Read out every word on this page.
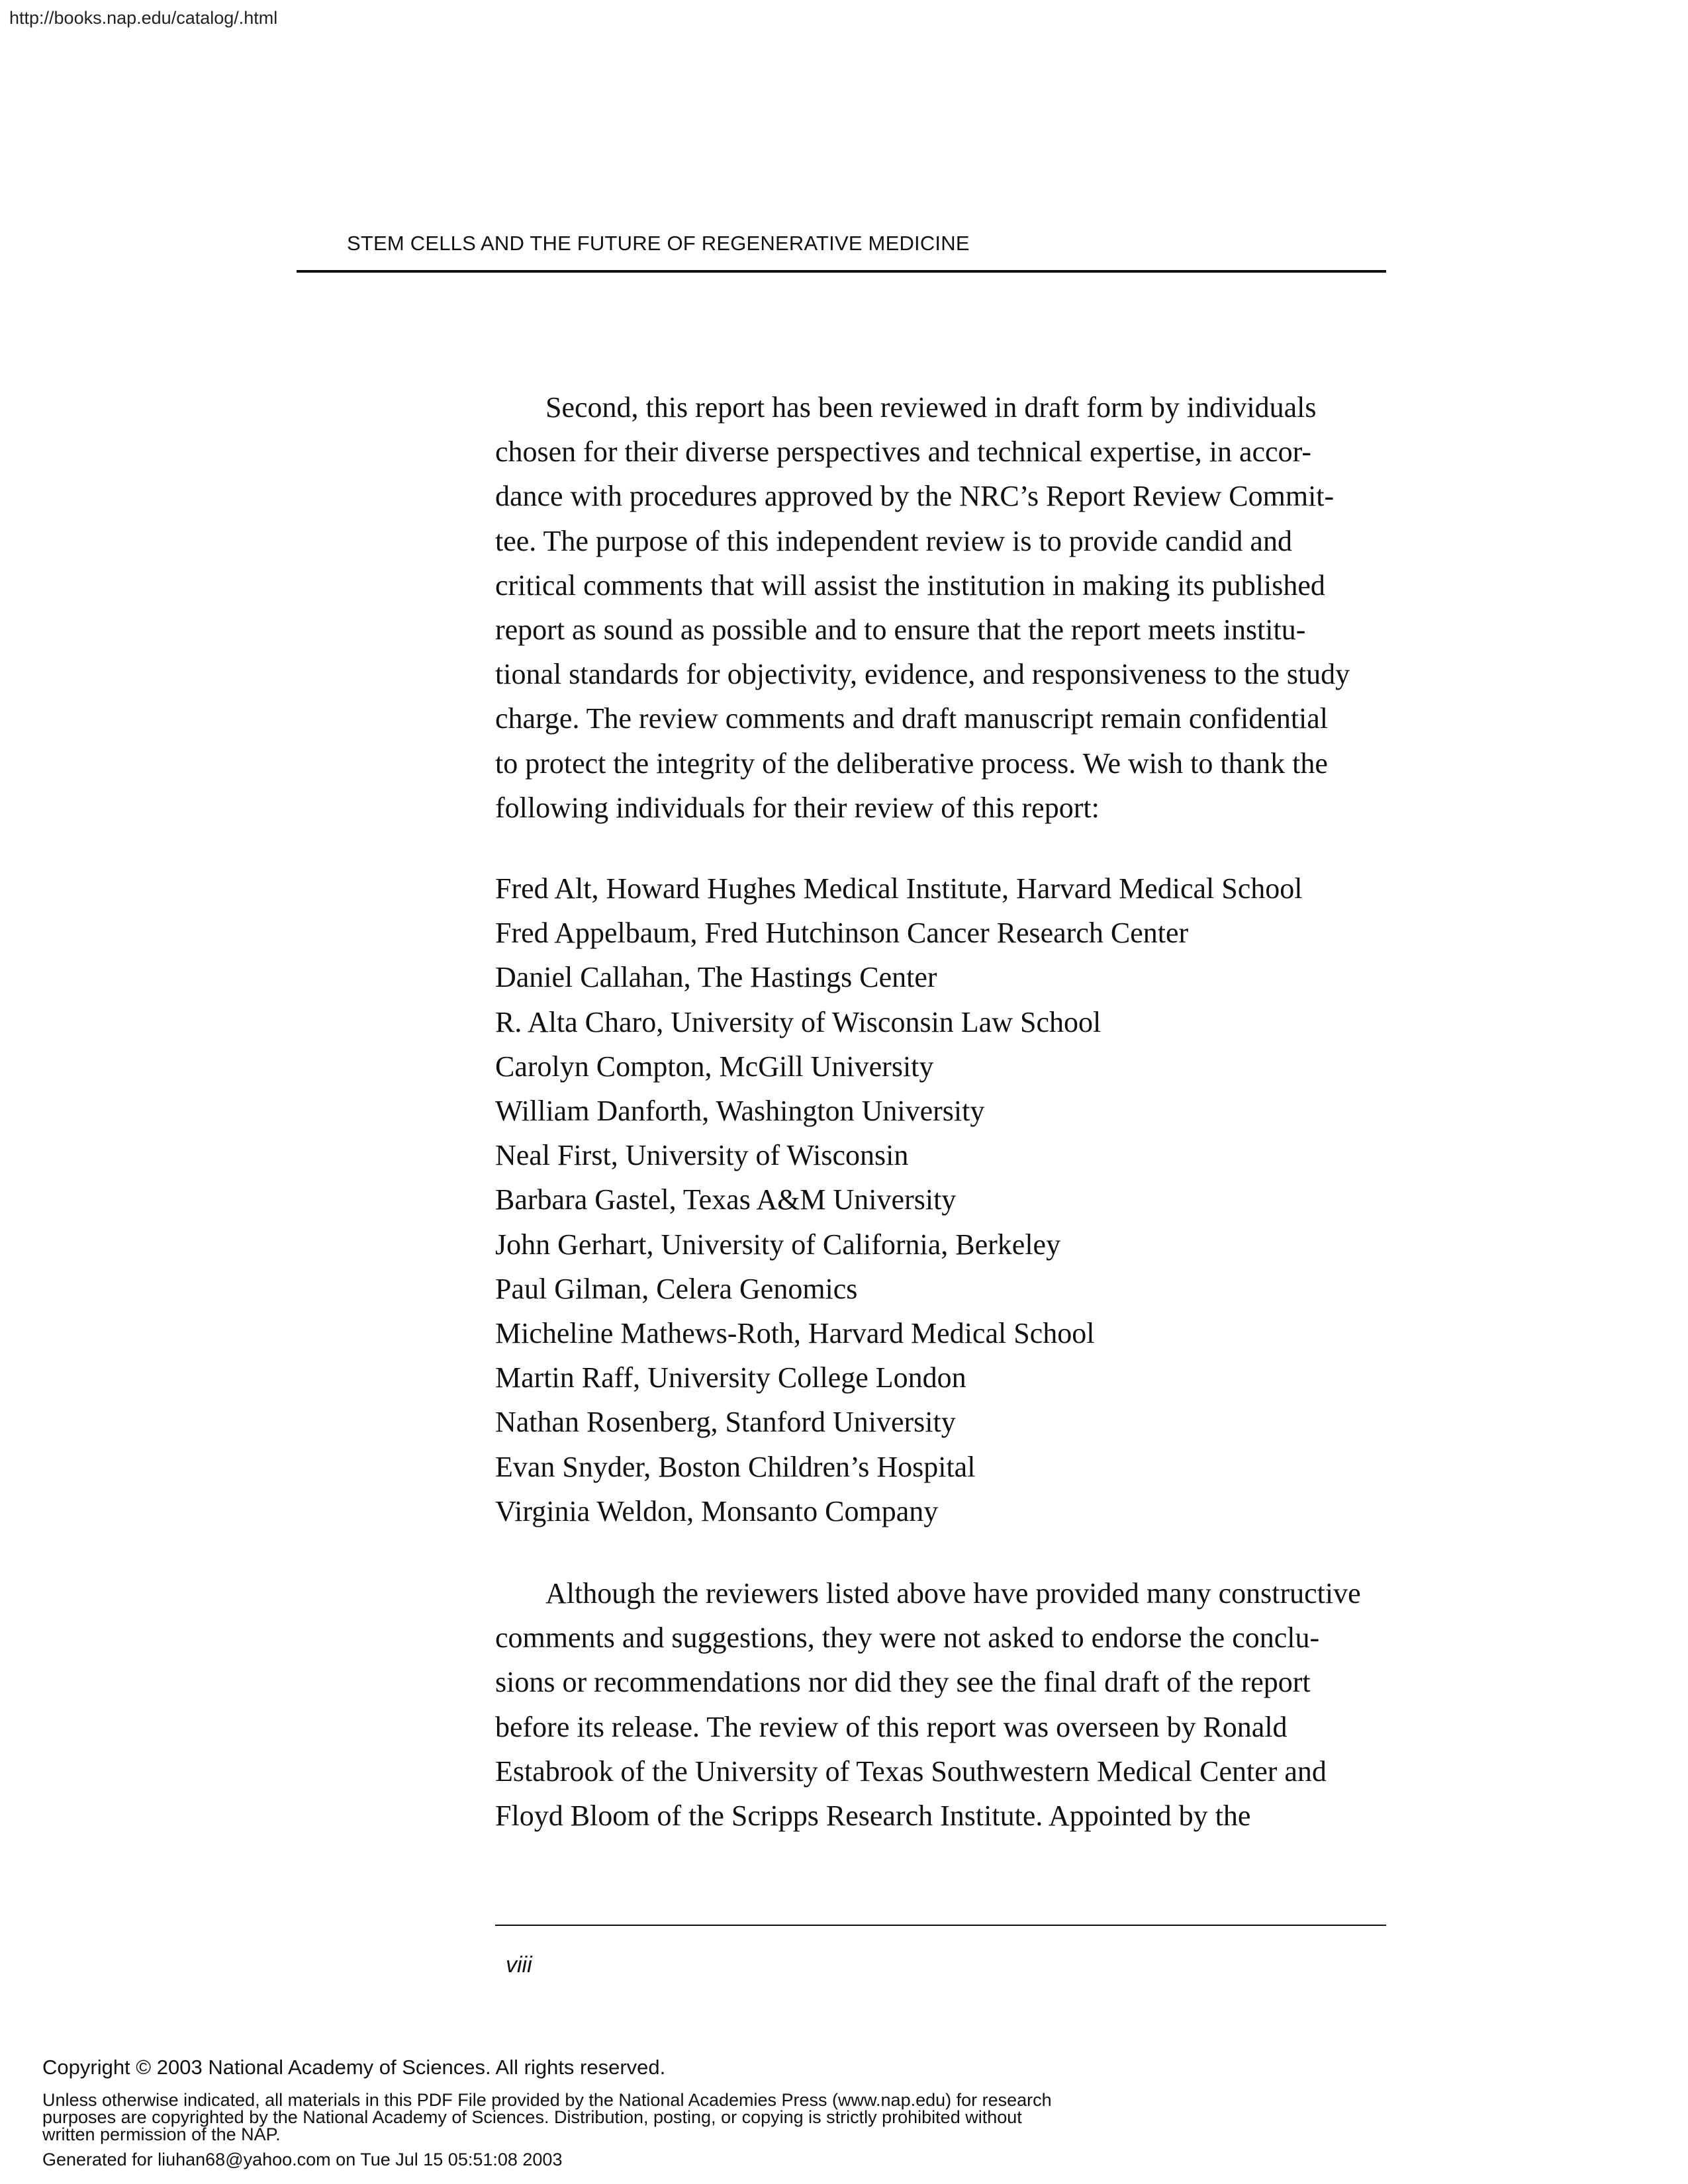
http://books.nap.edu/catalog/.html
STEM CELLS AND THE FUTURE OF REGENERATIVE MEDICINE
Second, this report has been reviewed in draft form by individuals
chosen for their diverse perspectives and technical expertise, in accor-
dance with procedures approved by the NRC’s Report Review Commit-
tee. The purpose of this independent review is to provide candid and
critical comments that will assist the institution in making its published
report as sound as possible and to ensure that the report meets institu-
tional standards for objectivity, evidence, and responsiveness to the study
charge. The review comments and draft manuscript remain confidential
to protect the integrity of the deliberative process. We wish to thank the
following individuals for their review of this report:
Fred Alt, Howard Hughes Medical Institute, Harvard Medical School
Fred Appelbaum, Fred Hutchinson Cancer Research Center
Daniel Callahan, The Hastings Center
R. Alta Charo, University of Wisconsin Law School
Carolyn Compton, McGill University
William Danforth, Washington University
Neal First, University of Wisconsin
Barbara Gastel, Texas A&M University
John Gerhart, University of California, Berkeley
Paul Gilman, Celera Genomics
Micheline Mathews-Roth, Harvard Medical School
Martin Raff, University College London
Nathan Rosenberg, Stanford University
Evan Snyder, Boston Children’s Hospital
Virginia Weldon, Monsanto Company
Although the reviewers listed above have provided many constructive
comments and suggestions, they were not asked to endorse the conclu-
sions or recommendations nor did they see the final draft of the report
before its release. The review of this report was overseen by Ronald
Estabrook of the University of Texas Southwestern Medical Center and
Floyd Bloom of the Scripps Research Institute. Appointed by the
viii
Copyright © 2003 National Academy of Sciences. All rights reserved.
Unless otherwise indicated, all materials in this PDF File provided by the National Academies Press (www.nap.edu) for research
purposes are copyrighted by the National Academy of Sciences. Distribution, posting, or copying is strictly prohibited without
written permission of the NAP.
Generated for liuhan68@yahoo.com on Tue Jul 15 05:51:08 2003
